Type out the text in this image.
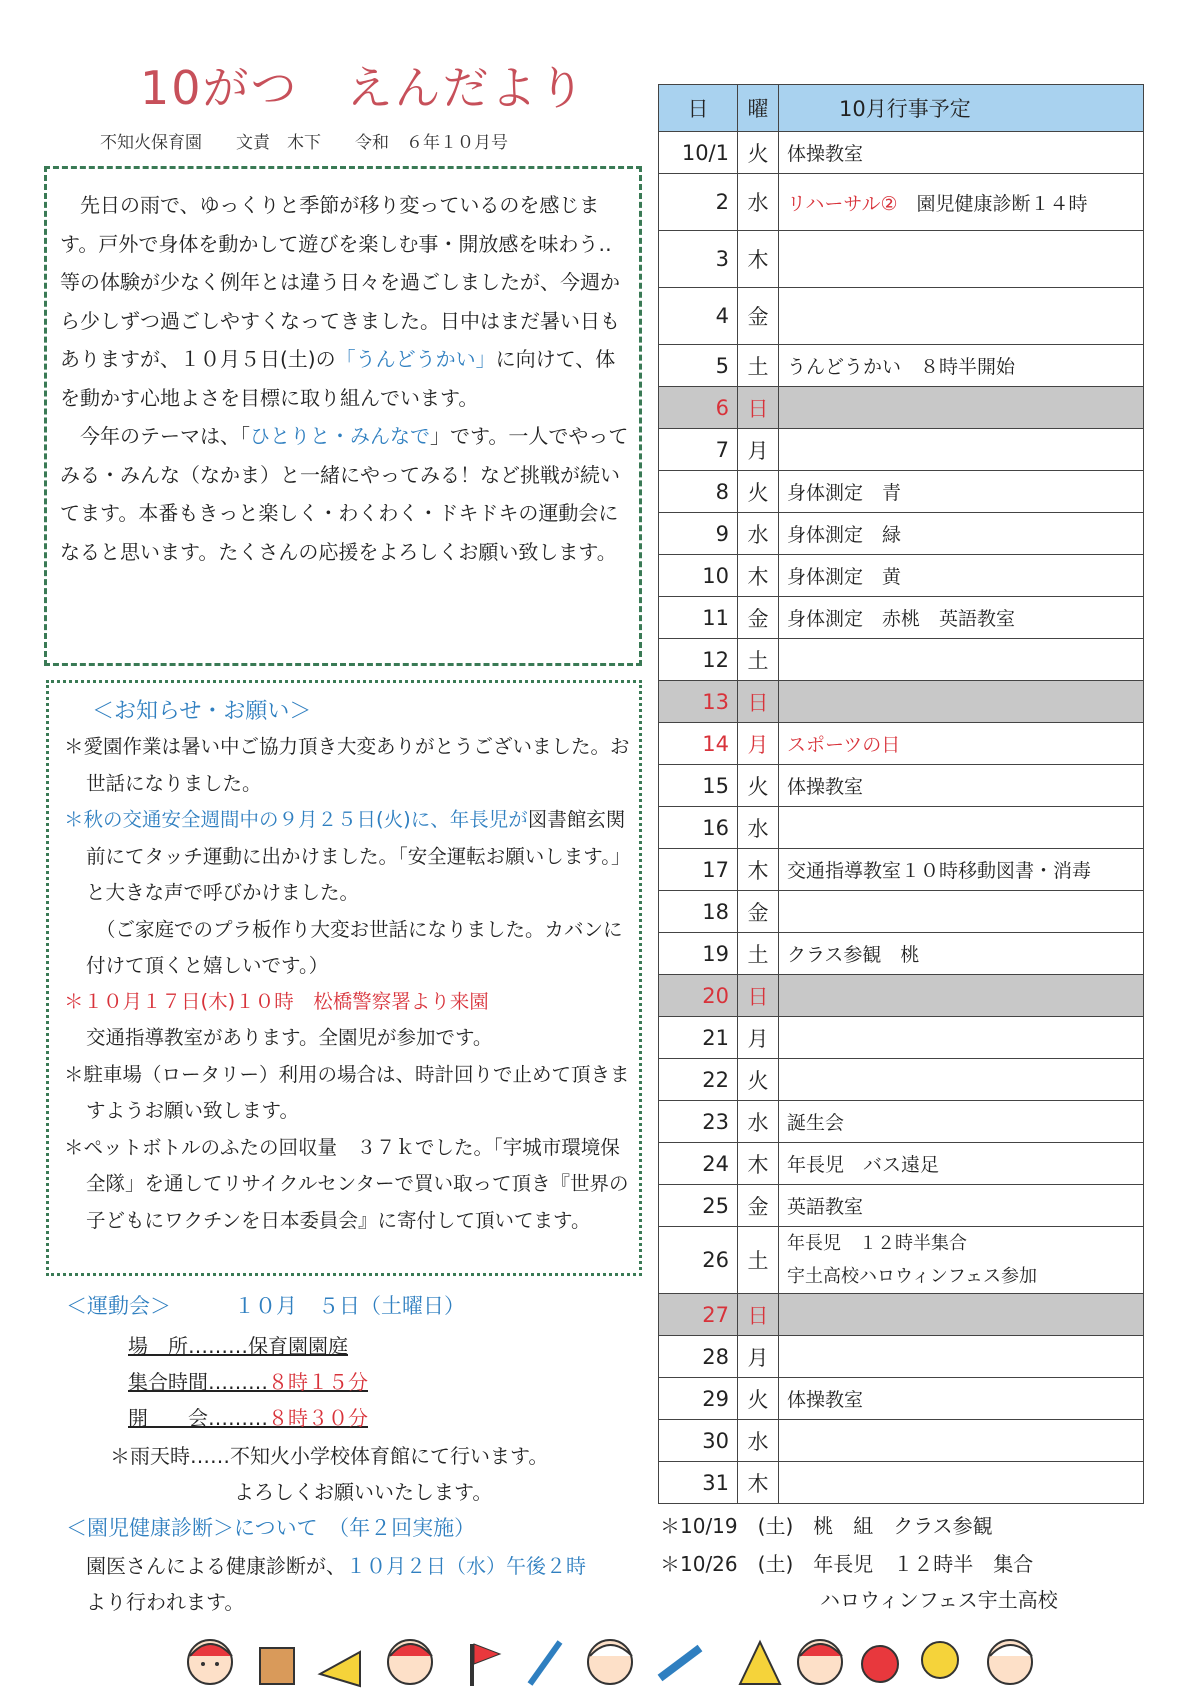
10がつ　えんだより
不知火保育園　　文責　木下　　令和　６年１０月号

先日の雨で、ゆっくりと季節が移り変っているのを感じます。戸外で身体を動かして遊びを楽しむ事・開放感を味わう‥等の体験が少なく例年とは違う日々を過ごしましたが、今週から少しずつ過ごしやすくなってきました。日中はまだ暑い日もありますが、１０月５日(土)の「うんどうかい」に向けて、体を動かす心地よさを目標に取り組んでいます。

今年のテーマは、「ひとりと・みんなで」です。一人でやってみる・みんな（なかま）と一緒にやってみる！など挑戦が続いてます。本番もきっと楽しく・わくわく・ドキドキの運動会になると思います。たくさんの応援をよろしくお願い致します。

＜お知らせ・お願い＞
＊愛園作業は暑い中ご協力頂き大変ありがとうございました。お世話になりました。
＊秋の交通安全週間中の９月２５日(火)に、年長児が図書館玄関前にてタッチ運動に出かけました。「安全運転お願いします。」と大きな声で呼びかけました。
（ご家庭でのプラ板作り大変お世話になりました。カバンに付けて頂くと嬉しいです。）
＊１０月１７日(木)１０時　松橋警察署より来園
交通指導教室があります。全園児が参加です。
＊駐車場（ロータリー）利用の場合は、時計回りで止めて頂きますようお願い致します。
＊ペットボトルのふたの回収量　３７ｋでした。「宇城市環境保全隊」を通してリサイクルセンターで買い取って頂き『世界の子どもにワクチンを日本委員会』に寄付して頂いてます。
＜運動会＞　　　１０月　５日（土曜日）
場　所………保育園園庭
集合時間………８時１５分
開　　会………８時３０分
＊雨天時……不知火小学校体育館にて行います。
よろしくお願いいたします。
＜園児健康診断＞について　（年２回実施）
園医さんによる健康診断が、１０月２日（水）午後２時
より行われます。
日	曜	10月行事予定
10/1	火	体操教室
2	水	リハーサル②　園児健康診断１４時
3	木	
4	金	
5	土	うんどうかい　８時半開始
6	日	
7	月	
8	火	身体測定　青
9	水	身体測定　緑
10	木	身体測定　黄
11	金	身体測定　赤桃　英語教室
12	土	
13	日	
14	月	スポーツの日
15	火	体操教室
16	水	
17	木	交通指導教室１０時移動図書・消毒
18	金	
19	土	クラス参観　桃
20	日	
21	月	
22	火	
23	水	誕生会
24	木	年長児　バス遠足
25	金	英語教室
26	土	年長児　１２時半集合
宇土高校ハロウィンフェス参加
27	日	
28	月	
29	火	体操教室
30	水	
31	木	
＊10/19　(土)　桃　組　クラス参観
＊10/26　(土)　年長児　１２時半　集合
　　　　　　　　ハロウィンフェス宇土高校
